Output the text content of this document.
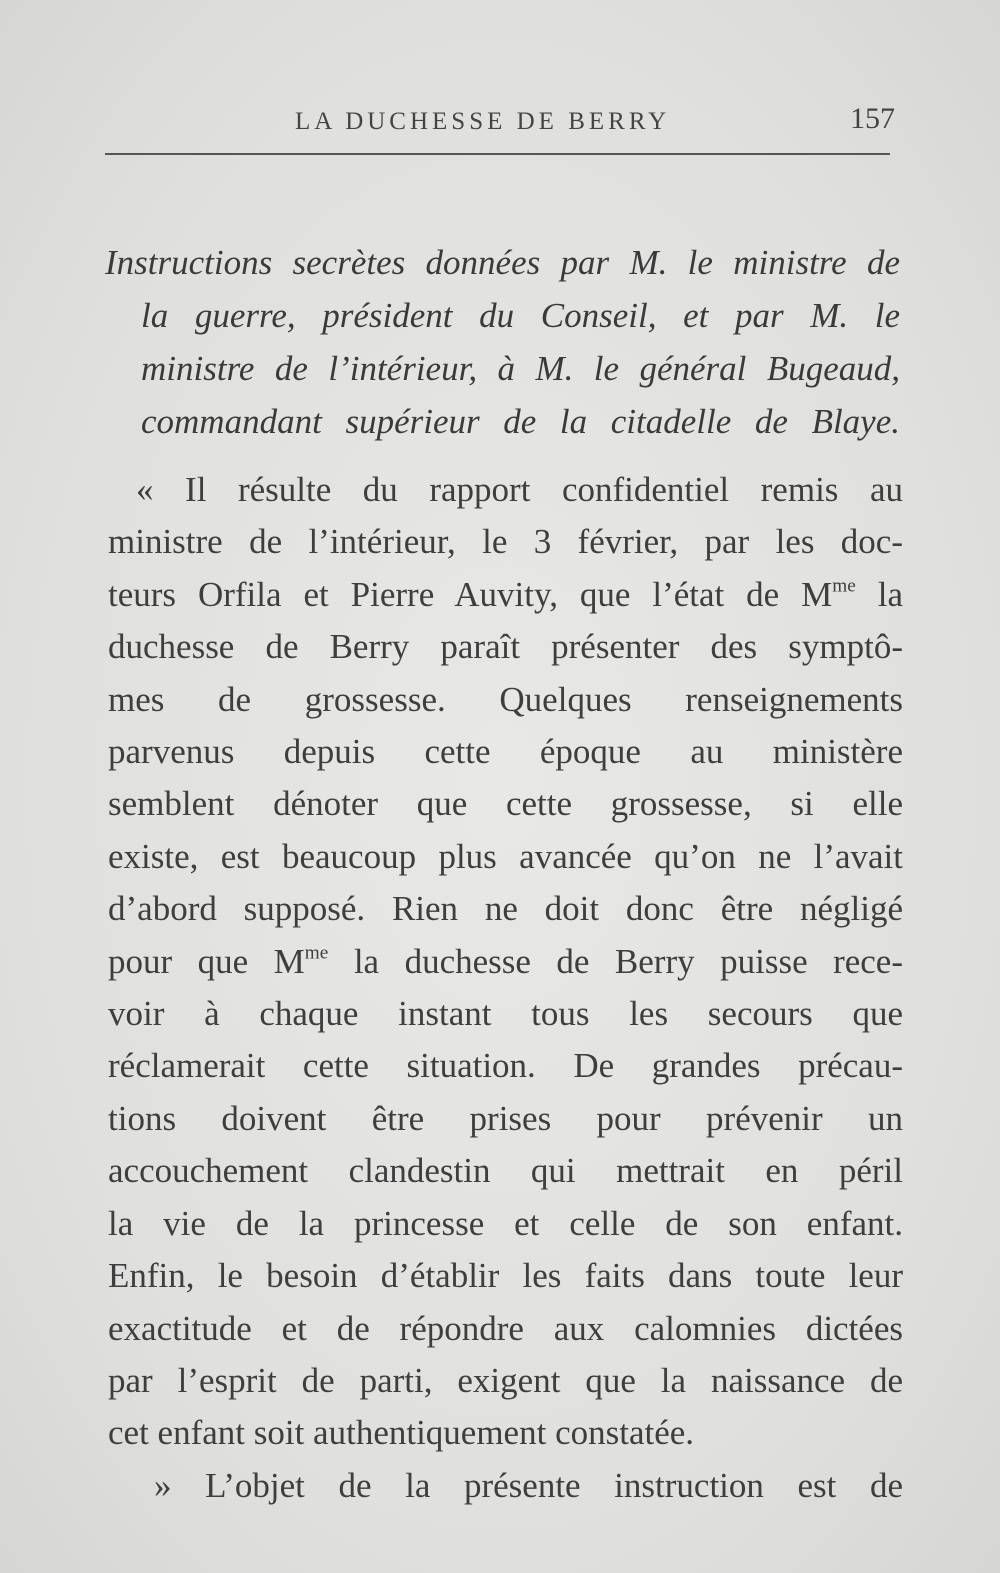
LA DUCHESSE DE BERRY	157
Instructions secrètes données par M. le ministre de
la guerre, président du Conseil, et par M. le
ministre de l’intérieur, à M. le général Bugeaud,
commandant supérieur de la citadelle de Blaye.
« Il résulte du rapport confidentiel remis au
ministre de l’intérieur, le 3 février, par les doc-
teurs Orfila et Pierre Auvity, que l’état de $M^{me}$ la
duchesse de Berry paraît présenter des symptô-
mes de grossesse. Quelques renseignements
parvenus depuis cette époque au ministère
semblent dénoter que cette grossesse, si elle
existe, est beaucoup plus avancée qu’on ne l’avait
d’abord supposé. Rien ne doit donc être négligé
pour que $M^{me}$ la duchesse de Berry puisse rece-
voir à chaque instant tous les secours que
réclamerait cette situation. De grandes précau-
tions doivent être prises pour prévenir un
accouchement clandestin qui mettrait en péril
la vie de la princesse et celle de son enfant.
Enfin, le besoin d’établir les faits dans toute leur
exactitude et de répondre aux calomnies dictées
par l’esprit de parti, exigent que la naissance de
cet enfant soit authentiquement constatée.
» L’objet de la présente instruction est de
